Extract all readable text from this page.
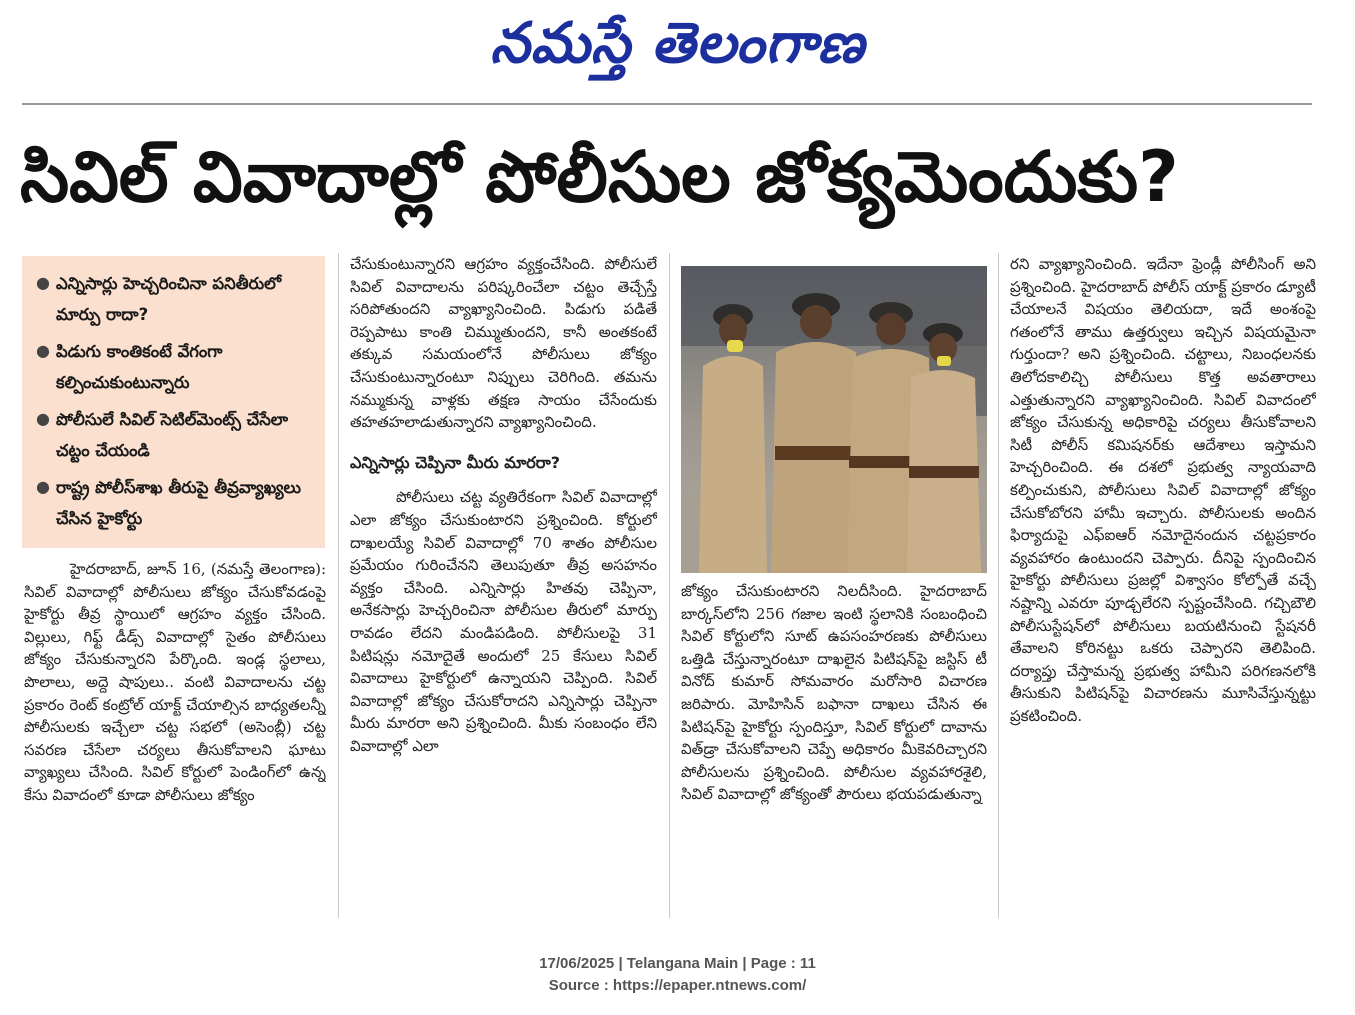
నమస్తే తెలంగాణ
సివిల్ వివాదాల్లో పోలీసుల జోక్యమెందుకు?
● ఎన్నిసార్లు హెచ్చరించినా పనితీరులో మార్పు రాదా?
● పిడుగు కాంతికంటే వేగంగా కల్పించుకుంటున్నారు
● పోలీసులే సివిల్ సెటిల్‌మెంట్స్ చేసేలా చట్టం చేయండి
● రాష్ట్ర పోలీస్‌శాఖ తీరుపై తీవ్రవ్యాఖ్యలు చేసిన హైకోర్టు

హైదరాబాద్, జూన్ 16, (నమస్తే తెలంగాణ): సివిల్ వివాదాల్లో పోలీసులు జోక్యం చేసుకోవడంపై హైకోర్టు తీవ్ర స్థాయిలో ఆగ్రహం వ్యక్తం చేసింది. విల్లులు, గిఫ్ట్ డీడ్స్ వివాదాల్లో సైతం పోలీసులు జోక్యం చేసుకున్నారని పేర్కొంది. ఇండ్ల స్థలాలు, పొలాలు, అద్దె షాపులు.. వంటి వివాదాలను చట్ట ప్రకారం రెంట్ కంట్రోల్ యాక్ట్ చేయాల్సిన బాధ్యతలన్నీ పోలీసులకు ఇచ్చేలా చట్ట సభలో (అసెంబ్లీ) చట్ట సవరణ చేసేలా చర్యలు తీసుకోవాలని ఘాటు వ్యాఖ్యలు చేసింది. సివిల్ కోర్టులో పెండింగ్‌లో ఉన్న కేసు వివాదంలో కూడా పోలీసులు జోక్యం

చేసుకుంటున్నారని ఆగ్రహం వ్యక్తంచేసింది. పోలీసులే సివిల్ వివాదాలను పరిష్కరించేలా చట్టం తెచ్చేస్తే సరిపోతుందని వ్యాఖ్యానించింది. పిడుగు పడితే రెప్పపాటు కాంతి చిమ్ముతుందని, కానీ అంతకంటే తక్కువ సమయంలోనే పోలీసులు జోక్యం చేసుకుంటున్నారంటూ నిప్పులు చెరిగింది. తమను నమ్ముకున్న వాళ్లకు తక్షణ సాయం చేసేందుకు తహతహలాడుతున్నారని వ్యాఖ్యానించింది.

ఎన్నిసార్లు చెప్పినా మీరు మారరా?

పోలీసులు చట్ట వ్యతిరేకంగా సివిల్ వివాదాల్లో ఎలా జోక్యం చేసుకుంటారని ప్రశ్నించింది. కోర్టులో దాఖలయ్యే సివిల్ వివాదాల్లో 70 శాతం పోలీసుల ప్రమేయం గురించేనని తెలుపుతూ తీవ్ర అసహనం వ్యక్తం చేసింది. ఎన్నిసార్లు హితవు చెప్పినా, అనేకసార్లు హెచ్చరించినా పోలీసుల తీరులో మార్పు రావడం లేదని మండిపడింది. పోలీసులపై 31 పిటిషన్లు నమోదైతే అందులో 25 కేసులు సివిల్ వివాదాలు హైకోర్టులో ఉన్నాయని చెప్పింది. సివిల్ వివాదాల్లో జోక్యం చేసుకోరాదని ఎన్నిసార్లు చెప్పినా మీరు మారరా అని ప్రశ్నించింది. మీకు సంబంధం లేని వివాదాల్లో ఎలా

జోక్యం చేసుకుంటారని నిలదీసింది. హైదరాబాద్ బార్కస్‌లోని 256 గజాల ఇంటి స్థలానికి సంబంధించి సివిల్ కోర్టులోని సూట్ ఉపసంహరణకు పోలీసులు ఒత్తిడి చేస్తున్నారంటూ దాఖలైన పిటిషన్‌పై జస్టిస్ టీ వినోద్ కుమార్ సోమవారం మరోసారి విచారణ జరిపారు. మోహిసిన్ బఫానా దాఖలు చేసిన ఈ పిటిషన్‌పై హైకోర్టు స్పందిస్తూ, సివిల్ కోర్టులో దావాను విత్‌డ్రా చేసుకోవాలని చెప్పే అధికారం మీకెవరిచ్చారని పోలీసులను ప్రశ్నించింది. పోలీసుల వ్యవహారశైలి, సివిల్ వివాదాల్లో జోక్యంతో పౌరులు భయపడుతున్నా

రని వ్యాఖ్యానించింది. ఇదేనా ఫ్రెండ్లీ పోలీసింగ్ అని ప్రశ్నించింది. హైదరాబాద్ పోలీస్ యాక్ట్ ప్రకారం డ్యూటీ చేయాలనే విషయం తెలియదా, ఇదే అంశంపై గతంలోనే తాము ఉత్తర్వులు ఇచ్చిన విషయమైనా గుర్తుందా? అని ప్రశ్నించింది. చట్టాలు, నిబంధలనకు తిలోదకాలిచ్చి పోలీసులు కొత్త అవతారాలు ఎత్తుతున్నారని వ్యాఖ్యానించింది. సివిల్ వివాదంలో జోక్యం చేసుకున్న అధికారిపై చర్యలు తీసుకోవాలని సిటీ పోలీస్ కమిషనర్‌కు ఆదేశాలు ఇస్తామని హెచ్చరించింది. ఈ దశలో ప్రభుత్వ న్యాయవాది కల్పించుకుని, పోలీసులు సివిల్ వివాదాల్లో జోక్యం చేసుకోబోరని హామీ ఇచ్చారు. పోలీసులకు అందిన ఫిర్యాదుపై ఎఫ్ఐఆర్ నమోదైనందున చట్టప్రకారం వ్యవహారం ఉంటుందని చెప్పారు. దీనిపై స్పందించిన హైకోర్టు పోలీసులు ప్రజల్లో విశ్వాసం కోల్పోతే వచ్చే నష్టాన్ని ఎవరూ పూడ్చలేరని స్పష్టంచేసింది. గచ్చిబౌలి పోలీసుస్టేషన్‌లో పోలీసులు బయటినుంచి స్టేషనరీ తేవాలని కోరినట్టు ఒకరు చెప్పారని తెలిపింది. దర్యాప్తు చేస్తామన్న ప్రభుత్వ హామీని పరిగణనలోకి తీసుకుని పిటిషన్‌పై విచారణను మూసివేస్తున్నట్టు ప్రకటించింది.

17/06/2025 | Telangana Main | Page : 11
Source : https://epaper.ntnews.com/
